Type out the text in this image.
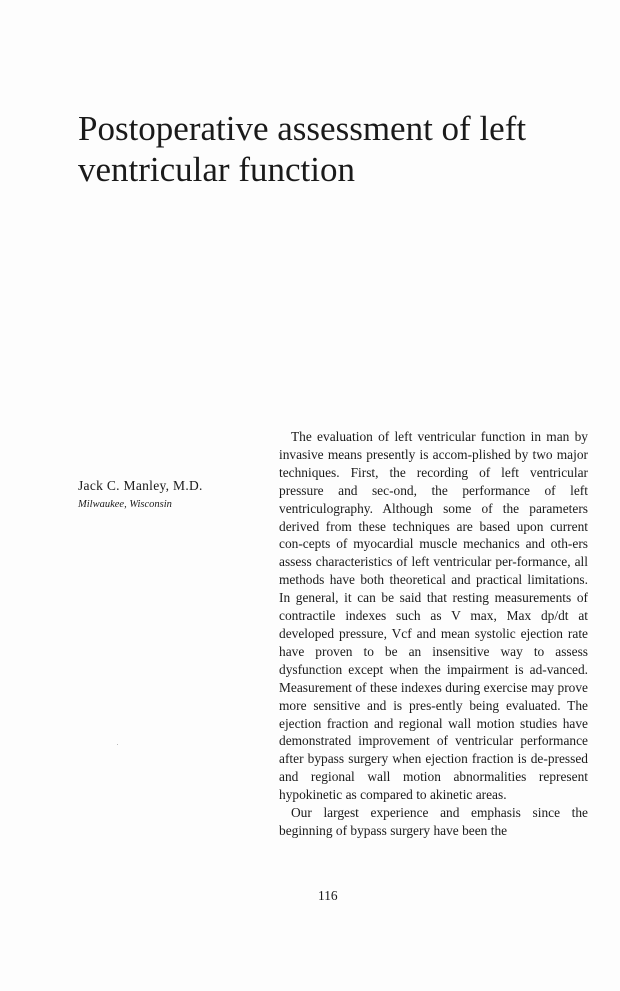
Postoperative assessment of left ventricular function
Jack C. Manley, M.D.
Milwaukee, Wisconsin

The evaluation of left ventricular function in man by invasive means presently is accom-plished by two major techniques. First, the recording of left ventricular pressure and sec-ond, the performance of left ventriculography. Although some of the parameters derived from these techniques are based upon current con-cepts of myocardial muscle mechanics and oth-ers assess characteristics of left ventricular per-formance, all methods have both theoretical and practical limitations. In general, it can be said that resting measurements of contractile indexes such as V max, Max dp/dt at developed pressure, Vcf and mean systolic ejection rate have proven to be an insensitive way to assess dysfunction except when the impairment is ad-vanced. Measurement of these indexes during exercise may prove more sensitive and is pres-ently being evaluated. The ejection fraction and regional wall motion studies have demonstrated improvement of ventricular performance after bypass surgery when ejection fraction is de-pressed and regional wall motion abnormalities represent hypokinetic as compared to akinetic areas.

Our largest experience and emphasis since the beginning of bypass surgery have been the

116
